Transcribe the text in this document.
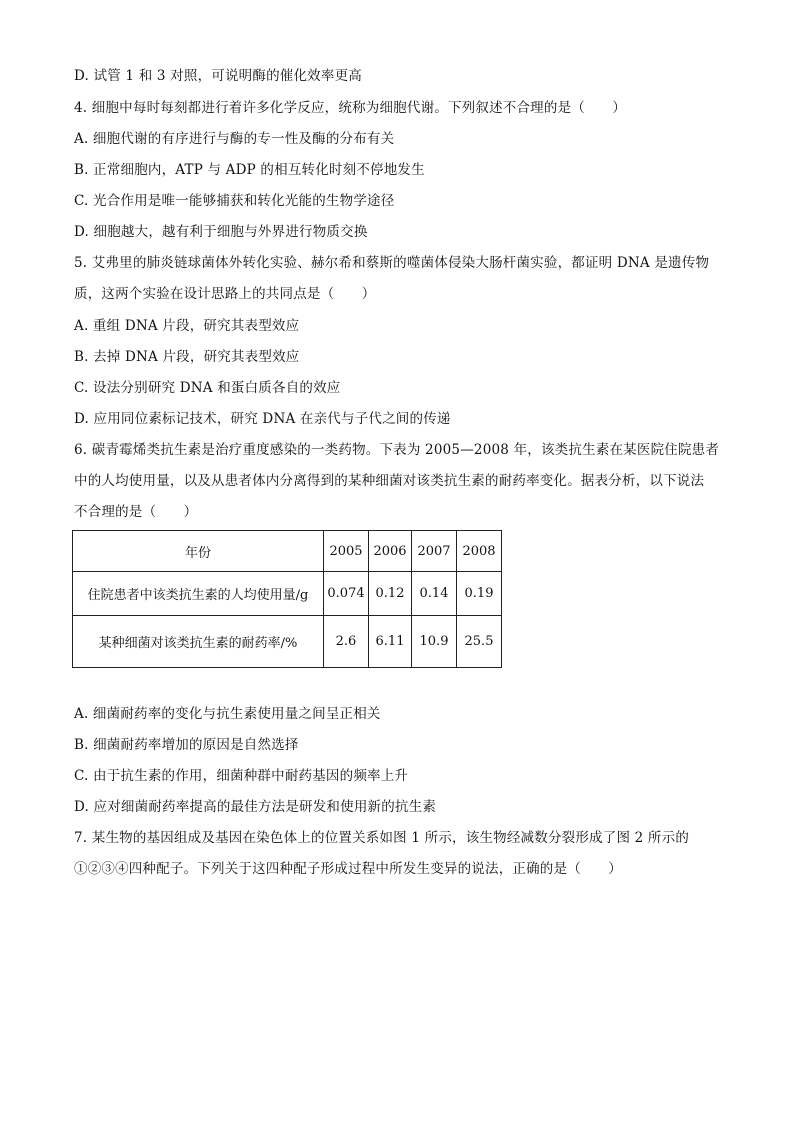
D. 试管 1 和 3 对照，可说明酶的催化效率更高
4. 细胞中每时每刻都进行着许多化学反应，统称为细胞代谢。下列叙述不合理的是（　　）
A. 细胞代谢的有序进行与酶的专一性及酶的分布有关
B. 正常细胞内，ATP 与 ADP 的相互转化时刻不停地发生
C. 光合作用是唯一能够捕获和转化光能的生物学途径
D. 细胞越大，越有利于细胞与外界进行物质交换
5. 艾弗里的肺炎链球菌体外转化实验、赫尔希和蔡斯的噬菌体侵染大肠杆菌实验，都证明 DNA 是遗传物
质，这两个实验在设计思路上的共同点是（　　）
A. 重组 DNA 片段，研究其表型效应
B. 去掉 DNA 片段，研究其表型效应
C. 设法分别研究 DNA 和蛋白质各自的效应
D. 应用同位素标记技术，研究 DNA 在亲代与子代之间的传递
6. 碳青霉烯类抗生素是治疗重度感染的一类药物。下表为 2005—2008 年，该类抗生素在某医院住院患者
中的人均使用量，以及从患者体内分离得到的某种细菌对该类抗生素的耐药率变化。据表分析，以下说法
不合理的是（　　）
A. 细菌耐药率的变化与抗生素使用量之间呈正相关
B. 细菌耐药率增加的原因是自然选择
C. 由于抗生素的作用，细菌种群中耐药基因的频率上升
D. 应对细菌耐药率提高的最佳方法是研发和使用新的抗生素
7. 某生物的基因组成及基因在染色体上的位置关系如图 1 所示，该生物经减数分裂形成了图 2 所示的
①②③④四种配子。下列关于这四种配子形成过程中所发生变异的说法，正确的是（　　）
年份	2005	2006	2007	2008
住院患者中该类抗生素的人均使用量/g	0.074	0.12	0.14	0.19
某种细菌对该类抗生素的耐药率/%	2.6	6.11	10.9	25.5
